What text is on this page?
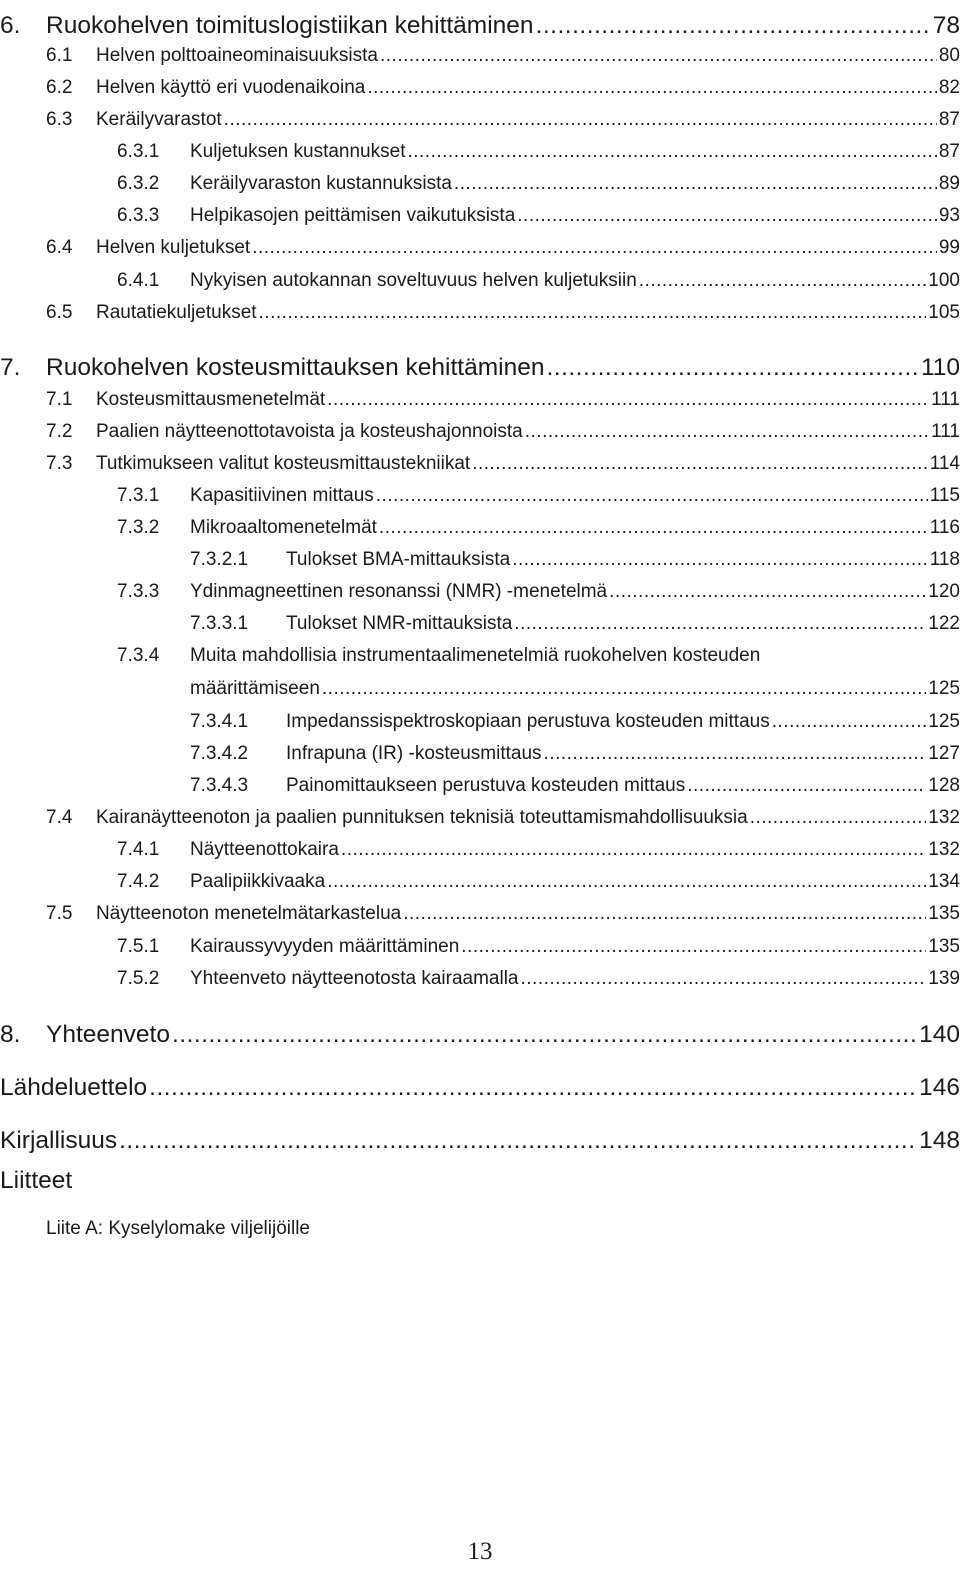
6.	Ruokohelven toimituslogistiikan kehittäminen .....	78
6.1	Helven polttoaineominaisuuksista .....	80
6.2	Helven käyttö eri vuodenaikoina .....	82
6.3	Keräilyvarastot .....	87
6.3.1	Kuljetuksen kustannukset .....	87
6.3.2	Keräilyvaraston kustannuksista .....	89
6.3.3	Helpikasojen peittämisen vaikutuksista .....	93
6.4	Helven kuljetukset .....	99
6.4.1	Nykyisen autokannan soveltuvuus helven kuljetuksiin .....	100
6.5	Rautatiekuljetukset .....	105
7.	Ruokohelven kosteusmittauksen kehittäminen .....	110
7.1	Kosteusmittausmenetelmät .....	111
7.2	Paalien näytteenottotavoista ja kosteushajonnoista .....	111
7.3	Tutkimukseen valitut kosteusmittaustekniikat .....	114
7.3.1	Kapasitiivinen mittaus .....	115
7.3.2	Mikroaaltomenetelmät .....	116
7.3.2.1	Tulokset BMA-mittauksista .....	118
7.3.3	Ydinmagneettinen resonanssi (NMR) -menetelmä .....	120
7.3.3.1	Tulokset NMR-mittauksista .....	122
7.3.4	Muita mahdollisia instrumentaalimenetelmiä ruokohelven kosteuden
määrittämiseen .....	125
7.3.4.1	Impedanssispektroskopiaan perustuva kosteuden mittaus .....	125
7.3.4.2	Infrapuna (IR) -kosteusmittaus .....	127
7.3.4.3	Painomittaukseen perustuva kosteuden mittaus .....	128
7.4	Kairanäytteenoton ja paalien punnituksen teknisiä toteuttamismahdollisuuksia .....	132
7.4.1	Näytteenottokaira .....	132
7.4.2	Paalipiikkivaaka .....	134
7.5	Näytteenoton menetelmätarkastelua .....	135
7.5.1	Kairaussyvyyden määrittäminen .....	135
7.5.2	Yhteenveto näytteenotosta kairaamalla .....	139
8.	Yhteenveto .....	140
Lähdeluettelo .....	146
Kirjallisuus .....	148
Liitteet
Liite A: Kyselylomake viljelijöille
13
